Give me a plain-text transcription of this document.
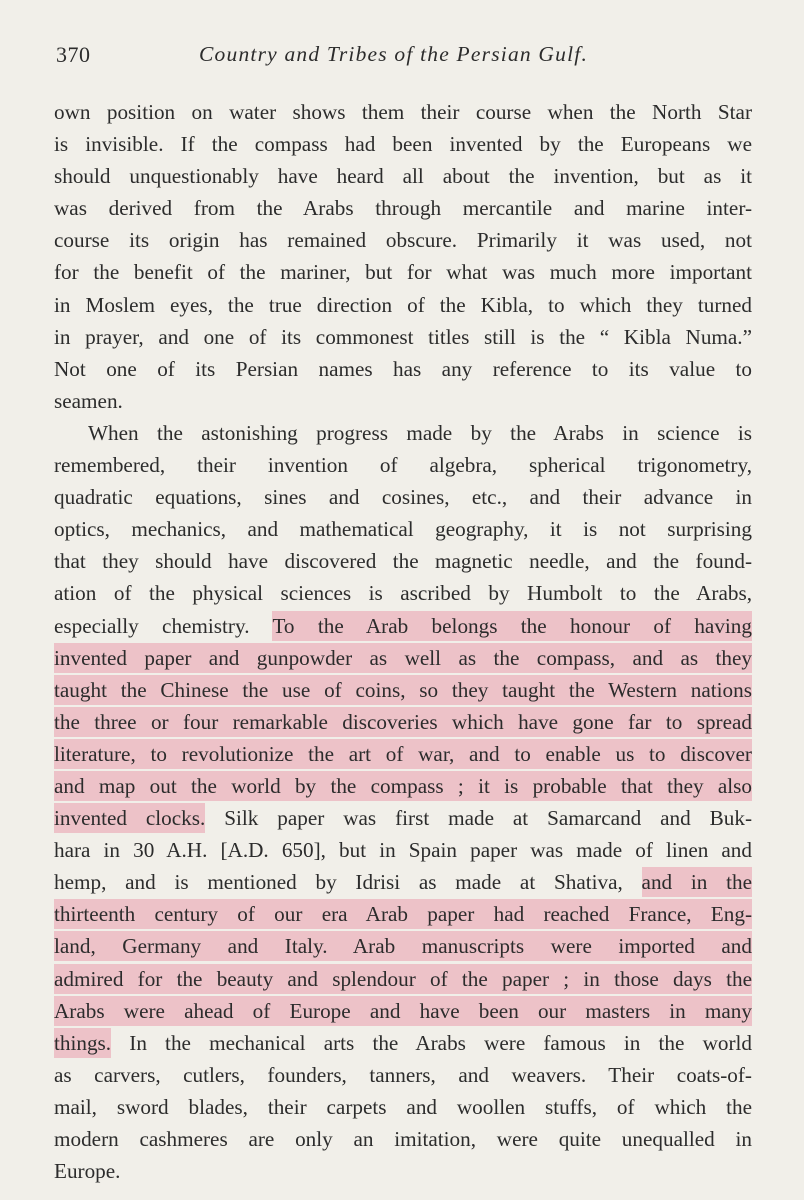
370	Country and Tribes of the Persian Gulf.
own position on water shows them their course when the North Star
is invisible. If the compass had been invented by the Europeans we
should unquestionably have heard all about the invention, but as it
was derived from the Arabs through mercantile and marine inter-
course its origin has remained obscure. Primarily it was used, not
for the benefit of the mariner, but for what was much more important
in Moslem eyes, the true direction of the Kibla, to which they turned
in prayer, and one of its commonest titles still is the “ Kibla Numa.”
Not one of its Persian names has any reference to its value to
seamen.
When the astonishing progress made by the Arabs in science is
remembered, their invention of algebra, spherical trigonometry,
quadratic equations, sines and cosines, etc., and their advance in
optics, mechanics, and mathematical geography, it is not surprising
that they should have discovered the magnetic needle, and the found-
ation of the physical sciences is ascribed by Humbolt to the Arabs,
especially chemistry. To the Arab belongs the honour of having
invented paper and gunpowder as well as the compass, and as they
taught the Chinese the use of coins, so they taught the Western nations
the three or four remarkable discoveries which have gone far to spread
literature, to revolutionize the art of war, and to enable us to discover
and map out the world by the compass ; it is probable that they also
invented clocks. Silk paper was first made at Samarcand and Buk-
hara in 30 A.H. [A.D. 650], but in Spain paper was made of linen and
hemp, and is mentioned by Idrisi as made at Shativa, and in the
thirteenth century of our era Arab paper had reached France, Eng-
land, Germany and Italy. Arab manuscripts were imported and
admired for the beauty and splendour of the paper ; in those days the
Arabs were ahead of Europe and have been our masters in many
things. In the mechanical arts the Arabs were famous in the world
as carvers, cutlers, founders, tanners, and weavers. Their coats-of-
mail, sword blades, their carpets and woollen stuffs, of which the
modern cashmeres are only an imitation, were quite unequalled in
Europe.
